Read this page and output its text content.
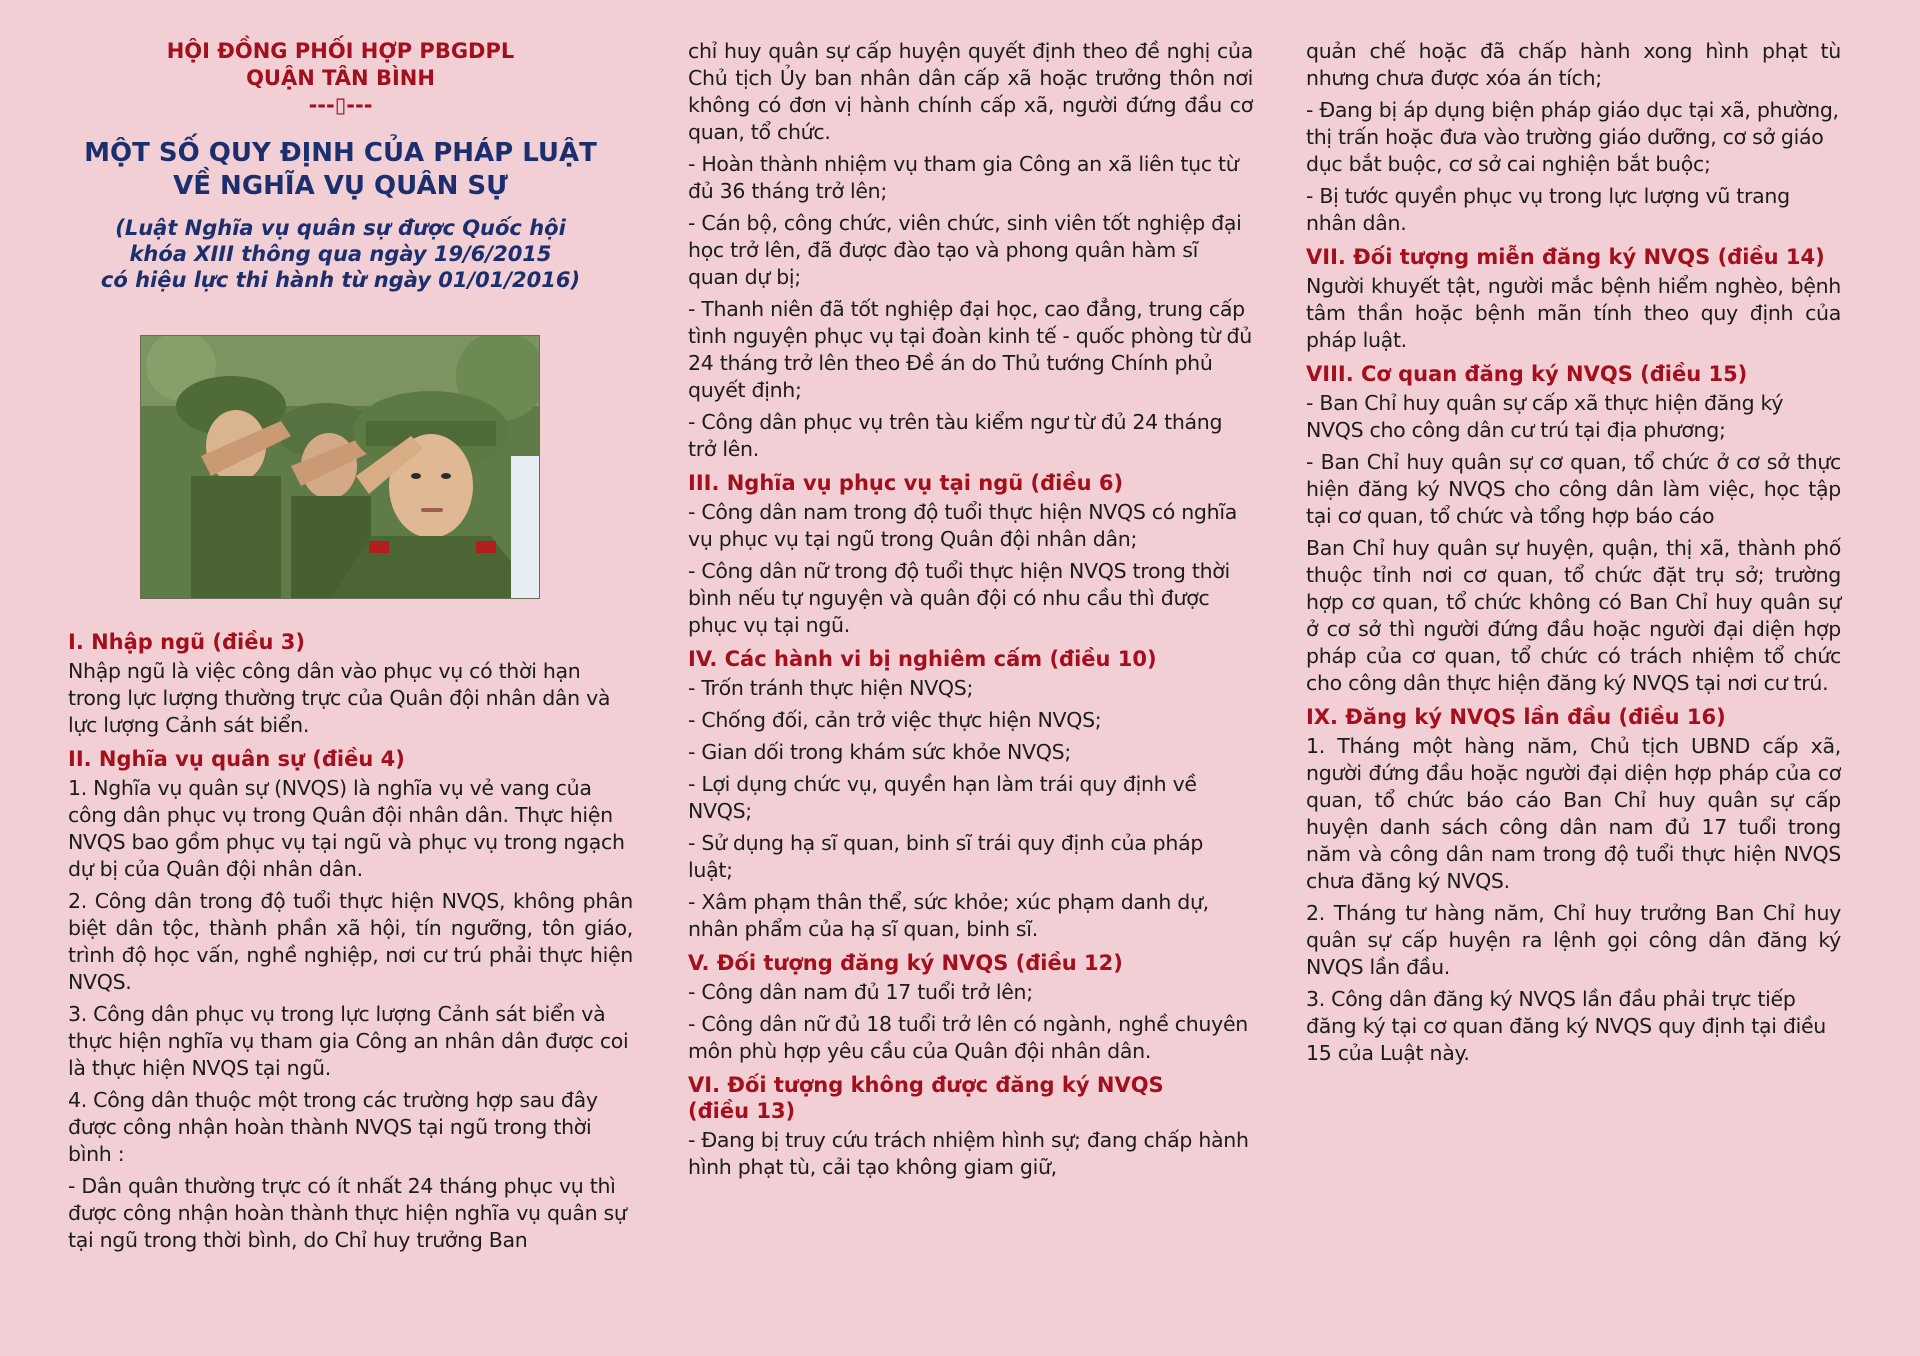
HỘI ĐỒNG PHỐI HỢP PBGDPL
QUẬN TÂN BÌNH
---▯---
MỘT SỐ QUY ĐỊNH CỦA PHÁP LUẬT
VỀ NGHĨA VỤ QUÂN SỰ
(Luật Nghĩa vụ quân sự được Quốc hội
khóa XIII thông qua ngày 19/6/2015
có hiệu lực thi hành từ ngày 01/01/2016)
I. Nhập ngũ (điều 3)

Nhập ngũ là việc công dân vào phục vụ có thời hạn trong lực lượng thường trực của Quân đội nhân dân và lực lượng Cảnh sát biển.

II. Nghĩa vụ quân sự (điều 4)

1. Nghĩa vụ quân sự (NVQS) là nghĩa vụ vẻ vang của công dân phục vụ trong Quân đội nhân dân. Thực hiện NVQS bao gồm phục vụ tại ngũ và phục vụ trong ngạch dự bị của Quân đội nhân dân.

2. Công dân trong độ tuổi thực hiện NVQS, không phân biệt dân tộc, thành phần xã hội, tín ngưỡng, tôn giáo, trình độ học vấn, nghề nghiệp, nơi cư trú phải thực hiện NVQS.

3. Công dân phục vụ trong lực lượng Cảnh sát biển và thực hiện nghĩa vụ tham gia Công an nhân dân được coi là thực hiện NVQS tại ngũ.

4. Công dân thuộc một trong các trường hợp sau đây được công nhận hoàn thành NVQS tại ngũ trong thời bình :

- Dân quân thường trực có ít nhất 24 tháng phục vụ thì được công nhận hoàn thành thực hiện nghĩa vụ quân sự tại ngũ trong thời bình, do Chỉ huy trưởng Ban

chỉ huy quân sự cấp huyện quyết định theo đề nghị của Chủ tịch Ủy ban nhân dân cấp xã hoặc trưởng thôn nơi không có đơn vị hành chính cấp xã, người đứng đầu cơ quan, tổ chức.

- Hoàn thành nhiệm vụ tham gia Công an xã liên tục từ đủ 36 tháng trở lên;

- Cán bộ, công chức, viên chức, sinh viên tốt nghiệp đại học trở lên, đã được đào tạo và phong quân hàm sĩ quan dự bị;

- Thanh niên đã tốt nghiệp đại học, cao đẳng, trung cấp tình nguyện phục vụ tại đoàn kinh tế - quốc phòng từ đủ 24 tháng trở lên theo Đề án do Thủ tướng Chính phủ quyết định;

- Công dân phục vụ trên tàu kiểm ngư từ đủ 24 tháng trở lên.

III. Nghĩa vụ phục vụ tại ngũ (điều 6)

- Công dân nam trong độ tuổi thực hiện NVQS có nghĩa vụ phục vụ tại ngũ trong Quân đội nhân dân;

- Công dân nữ trong độ tuổi thực hiện NVQS trong thời bình nếu tự nguyện và quân đội có nhu cầu thì được phục vụ tại ngũ.

IV. Các hành vi bị nghiêm cấm (điều 10)

- Trốn tránh thực hiện NVQS;

- Chống đối, cản trở việc thực hiện NVQS;

- Gian dối trong khám sức khỏe NVQS;

- Lợi dụng chức vụ, quyền hạn làm trái quy định về NVQS;

- Sử dụng hạ sĩ quan, binh sĩ trái quy định của pháp luật;

- Xâm phạm thân thể, sức khỏe; xúc phạm danh dự, nhân phẩm của hạ sĩ quan, binh sĩ.

V. Đối tượng đăng ký NVQS (điều 12)

- Công dân nam đủ 17 tuổi trở lên;

- Công dân nữ đủ 18 tuổi trở lên có ngành, nghề chuyên môn phù hợp yêu cầu của Quân đội nhân dân.

VI. Đối tượng không được đăng ký NVQS
(điều 13)

- Đang bị truy cứu trách nhiệm hình sự; đang chấp hành hình phạt tù, cải tạo không giam giữ,

quản chế hoặc đã chấp hành xong hình phạt tù nhưng chưa được xóa án tích;

- Đang bị áp dụng biện pháp giáo dục tại xã, phường, thị trấn hoặc đưa vào trường giáo dưỡng, cơ sở giáo dục bắt buộc, cơ sở cai nghiện bắt buộc;

- Bị tước quyền phục vụ trong lực lượng vũ trang nhân dân.

VII. Đối tượng miễn đăng ký NVQS (điều 14)

Người khuyết tật, người mắc bệnh hiểm nghèo, bệnh tâm thần hoặc bệnh mãn tính theo quy định của pháp luật.

VIII. Cơ quan đăng ký NVQS (điều 15)

- Ban Chỉ huy quân sự cấp xã thực hiện đăng ký NVQS cho công dân cư trú tại địa phương;

- Ban Chỉ huy quân sự cơ quan, tổ chức ở cơ sở thực hiện đăng ký NVQS cho công dân làm việc, học tập tại cơ quan, tổ chức và tổng hợp báo cáo

Ban Chỉ huy quân sự huyện, quận, thị xã, thành phố thuộc tỉnh nơi cơ quan, tổ chức đặt trụ sở; trường hợp cơ quan, tổ chức không có Ban Chỉ huy quân sự ở cơ sở thì người đứng đầu hoặc người đại diện hợp pháp của cơ quan, tổ chức có trách nhiệm tổ chức cho công dân thực hiện đăng ký NVQS tại nơi cư trú.

IX. Đăng ký NVQS lần đầu (điều 16)

1. Tháng một hàng năm, Chủ tịch UBND cấp xã, người đứng đầu hoặc người đại diện hợp pháp của cơ quan, tổ chức báo cáo Ban Chỉ huy quân sự cấp huyện danh sách công dân nam đủ 17 tuổi trong năm và công dân nam trong độ tuổi thực hiện NVQS chưa đăng ký NVQS.

2. Tháng tư hàng năm, Chỉ huy trưởng Ban Chỉ huy quân sự cấp huyện ra lệnh gọi công dân đăng ký NVQS lần đầu.

3. Công dân đăng ký NVQS lần đầu phải trực tiếp đăng ký tại cơ quan đăng ký NVQS quy định tại điều 15 của Luật này.
